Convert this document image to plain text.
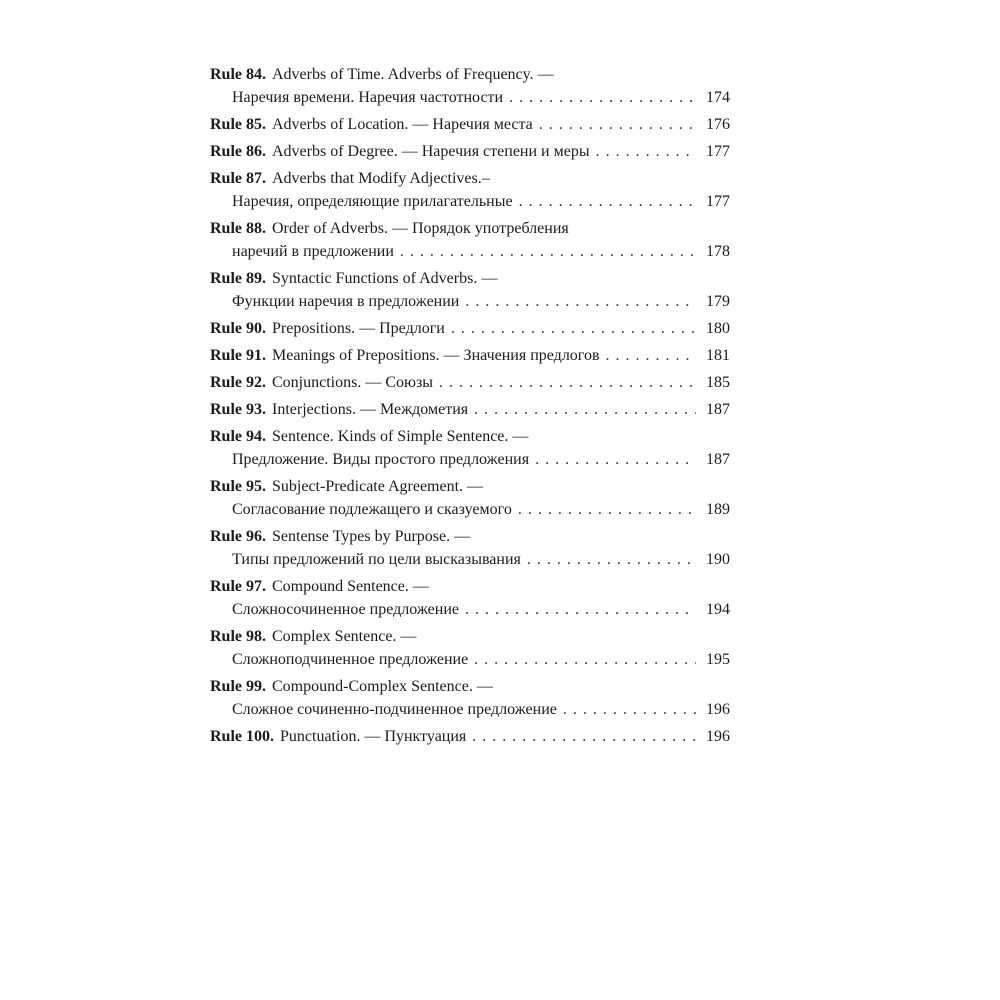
Rule 84. Adverbs of Time. Adverbs of Frequency. —
Наречия времени. Наречия частотности . . .	174
Rule 85. Adverbs of Location. — Наречия места . . .	176
Rule 86. Adverbs of Degree. — Наречия степени и меры . . .	177
Rule 87. Adverbs that Modify Adjectives.–
Наречия, определяющие прилагательные . . .	177
Rule 88. Order of Adverbs. — Порядок употребления
наречий в предложении . . .	178
Rule 89. Syntactic Functions of Adverbs. —
Функции наречия в предложении . . .	179
Rule 90. Prepositions. — Предлоги . . .	180
Rule 91. Meanings of Prepositions. — Значения предлогов . . .	181
Rule 92. Conjunctions. — Союзы . . .	185
Rule 93. Interjections. — Междометия . . .	187
Rule 94. Sentence. Kinds of Simple Sentence. —
Предложение. Виды простого предложения . . .	187
Rule 95. Subject-Predicate Agreement. —
Согласование подлежащего и сказуемого . . .	189
Rule 96. Sentense Types by Purpose. —
Типы предложений по цели высказывания . . .	190
Rule 97. Compound Sentence. —
Сложносочиненное предложение . . .	194
Rule 98. Complex Sentence. —
Сложноподчиненное предложение . . .	195
Rule 99. Compound-Complex Sentence. —
Сложное сочиненно-подчиненное предложение . . .	196
Rule 100. Punctuation. — Пунктуация . . .	196
